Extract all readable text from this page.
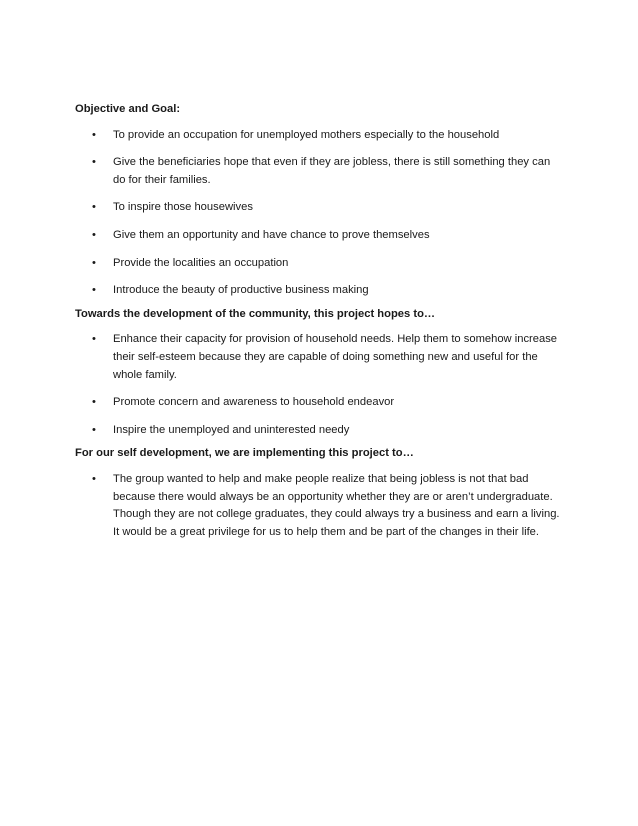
Objective and Goal:
• To provide an occupation for unemployed mothers especially to the household
• Give the beneficiaries hope that even if they are jobless, there is still something they can do for their families.
• To inspire those housewives
• Give them an opportunity and have chance to prove themselves
• Provide the localities an occupation
• Introduce the beauty of productive business making
Towards the development of the community, this project hopes to…
• Enhance their capacity for provision of household needs. Help them to somehow increase their self-esteem because they are capable of doing something new and useful for the whole family.
• Promote concern and awareness to household endeavor
• Inspire the unemployed and uninterested needy
For our self development, we are implementing this project to…
• The group wanted to help and make people realize that being jobless is not that bad because there would always be an opportunity whether they are or aren’t undergraduate. Though they are not college graduates, they could always try a business and earn a living. It would be a great privilege for us to help them and be part of the changes in their life.
